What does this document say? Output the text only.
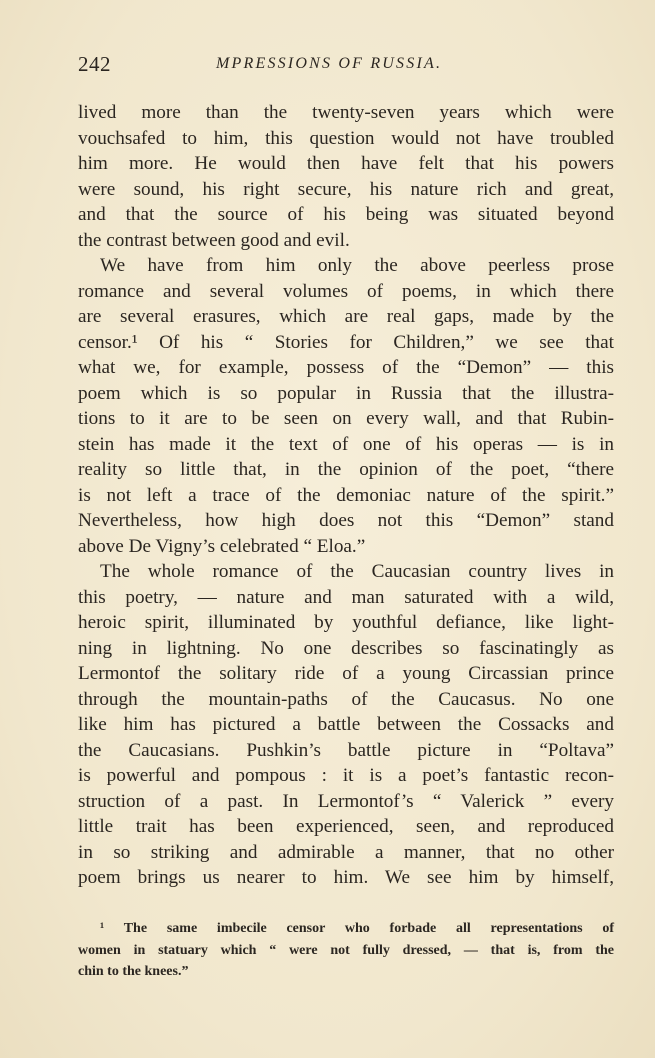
242	MPRESSIONS OF RUSSIA.
lived more than the twenty-seven years which were
vouchsafed to him, this question would not have troubled
him more. He would then have felt that his powers
were sound, his right secure, his nature rich and great,
and that the source of his being was situated beyond
the contrast between good and evil.
We have from him only the above peerless prose
romance and several volumes of poems, in which there
are several erasures, which are real gaps, made by the
censor.¹ Of his “ Stories for Children,” we see that
what we, for example, possess of the “Demon” — this
poem which is so popular in Russia that the illustra-
tions to it are to be seen on every wall, and that Rubin-
stein has made it the text of one of his operas — is in
reality so little that, in the opinion of the poet, “there
is not left a trace of the demoniac nature of the spirit.”
Nevertheless, how high does not this “Demon” stand
above De Vigny’s celebrated “ Eloa.”
The whole romance of the Caucasian country lives in
this poetry, — nature and man saturated with a wild,
heroic spirit, illuminated by youthful defiance, like light-
ning in lightning. No one describes so fascinatingly as
Lermontof the solitary ride of a young Circassian prince
through the mountain-paths of the Caucasus. No one
like him has pictured a battle between the Cossacks and
the Caucasians. Pushkin’s battle picture in “Poltava”
is powerful and pompous : it is a poet’s fantastic recon-
struction of a past. In Lermontof’s “ Valerick ” every
little trait has been experienced, seen, and reproduced
in so striking and admirable a manner, that no other
poem brings us nearer to him. We see him by himself,
¹ The same imbecile censor who forbade all representations of
women in statuary which “ were not fully dressed, — that is, from the
chin to the knees.”
